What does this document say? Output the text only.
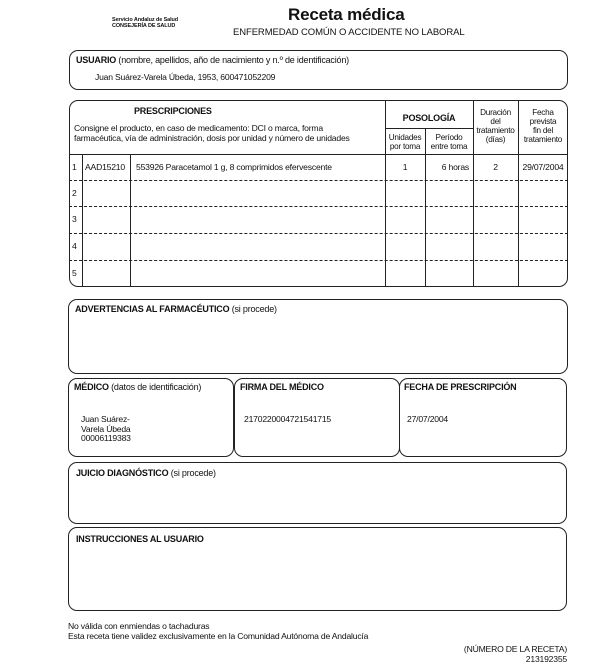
Servicio Andaluz de Salud
CONSEJERÍA DE SALUD
Receta médica
ENFERMEDAD COMÚN O ACCIDENTE NO LABORAL
USUARIO (nombre, apellidos, año de nacimiento y n.º de identificación)
Juan Suárez-Varela Úbeda, 1953, 600471052209
PRESCRIPCIONES
Consigne el producto, en caso de medicamento: DCI o marca, forma
farmacéutica, vía de administración, dosis por unidad y número de unidades
POSOLOGÍA
Unidades
por toma
Período
entre toma
Duración
del
tratamiento
(días)
Fecha
prevista
fin del
tratamiento
1 AAD15210 553926 Paracetamol 1 g, 8 comprimidos efervescente	1	6 horas	2	29/07/2004
2
3
4
5
ADVERTENCIAS AL FARMACÉUTICO (si procede)
MÉDICO (datos de identificación)
Juan Suárez-
Varela Úbeda
00006119383
FIRMA DEL MÉDICO
2170220004721541715
FECHA DE PRESCRIPCIÓN
27/07/2004
JUICIO DIAGNÓSTICO (si procede)
INSTRUCCIONES AL USUARIO
No válida con enmiendas o tachaduras
Esta receta tiene validez exclusivamente en la Comunidad Autónoma de Andalucía
(NÚMERO DE LA RECETA)
213192355
